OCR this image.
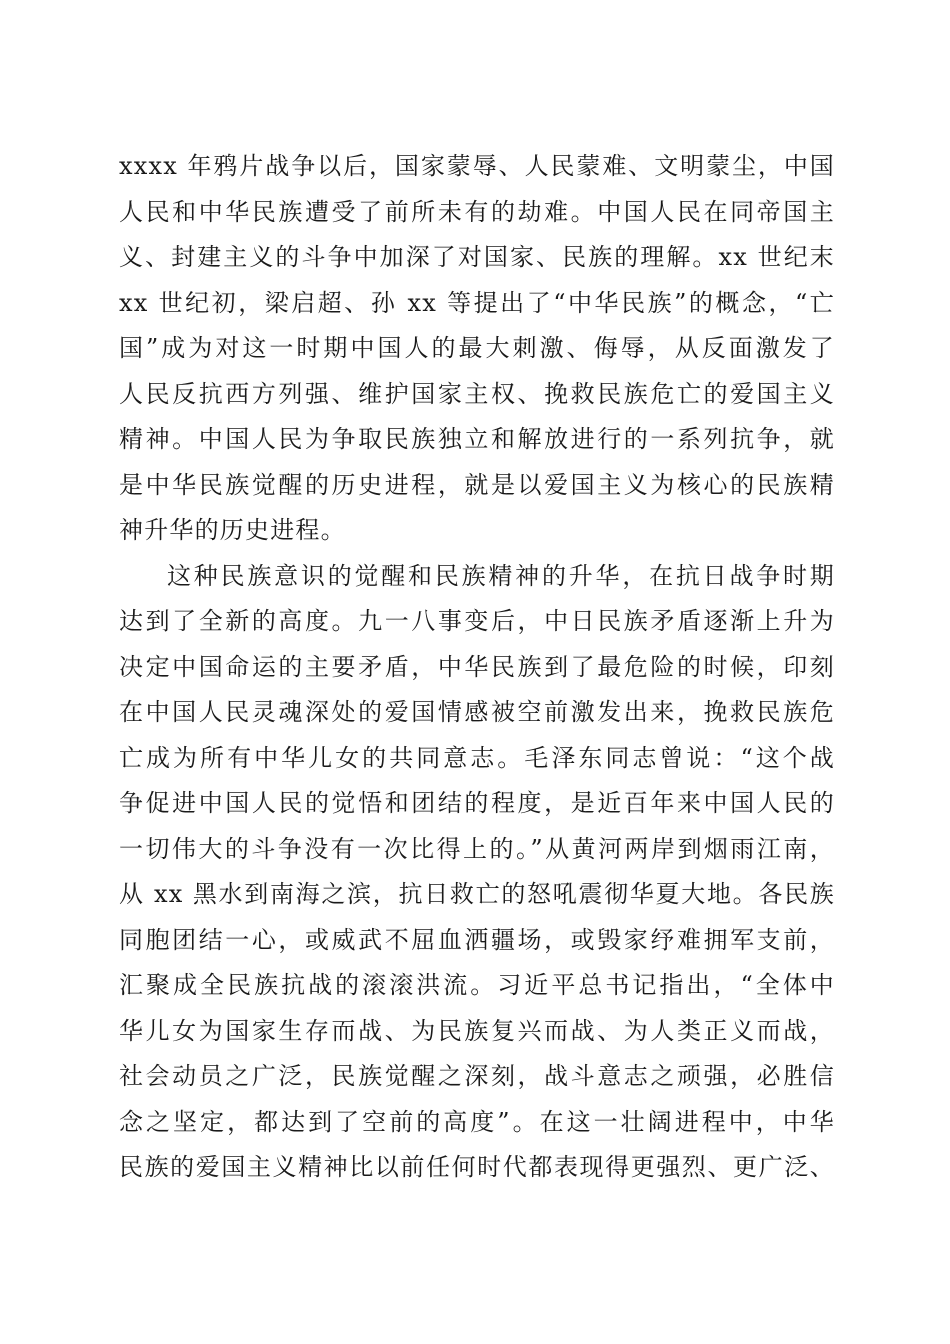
xxxx 年鸦片战争以后，国家蒙辱、人民蒙难、文明蒙尘，中国
人民和中华民族遭受了前所未有的劫难。中国人民在同帝国主
义、封建主义的斗争中加深了对国家、民族的理解。xx 世纪末
xx 世纪初，梁启超、孙 xx 等提出了“中华民族”的概念，“亡
国”成为对这一时期中国人的最大刺激、侮辱，从反面激发了
人民反抗西方列强、维护国家主权、挽救民族危亡的爱国主义
精神。中国人民为争取民族独立和解放进行的一系列抗争，就
是中华民族觉醒的历史进程，就是以爱国主义为核心的民族精
神升华的历史进程。
这种民族意识的觉醒和民族精神的升华，在抗日战争时期
达到了全新的高度。九一八事变后，中日民族矛盾逐渐上升为
决定中国命运的主要矛盾，中华民族到了最危险的时候，印刻
在中国人民灵魂深处的爱国情感被空前激发出来，挽救民族危
亡成为所有中华儿女的共同意志。毛泽东同志曾说：“这个战
争促进中国人民的觉悟和团结的程度，是近百年来中国人民的
一切伟大的斗争没有一次比得上的。”从黄河两岸到烟雨江南，
从 xx 黑水到南海之滨，抗日救亡的怒吼震彻华夏大地。各民族
同胞团结一心，或威武不屈血洒疆场，或毁家纾难拥军支前，
汇聚成全民族抗战的滚滚洪流。习近平总书记指出，“全体中
华儿女为国家生存而战、为民族复兴而战、为人类正义而战，
社会动员之广泛，民族觉醒之深刻，战斗意志之顽强，必胜信
念之坚定，都达到了空前的高度”。在这一壮阔进程中，中华
民族的爱国主义精神比以前任何时代都表现得更强烈、更广泛、
